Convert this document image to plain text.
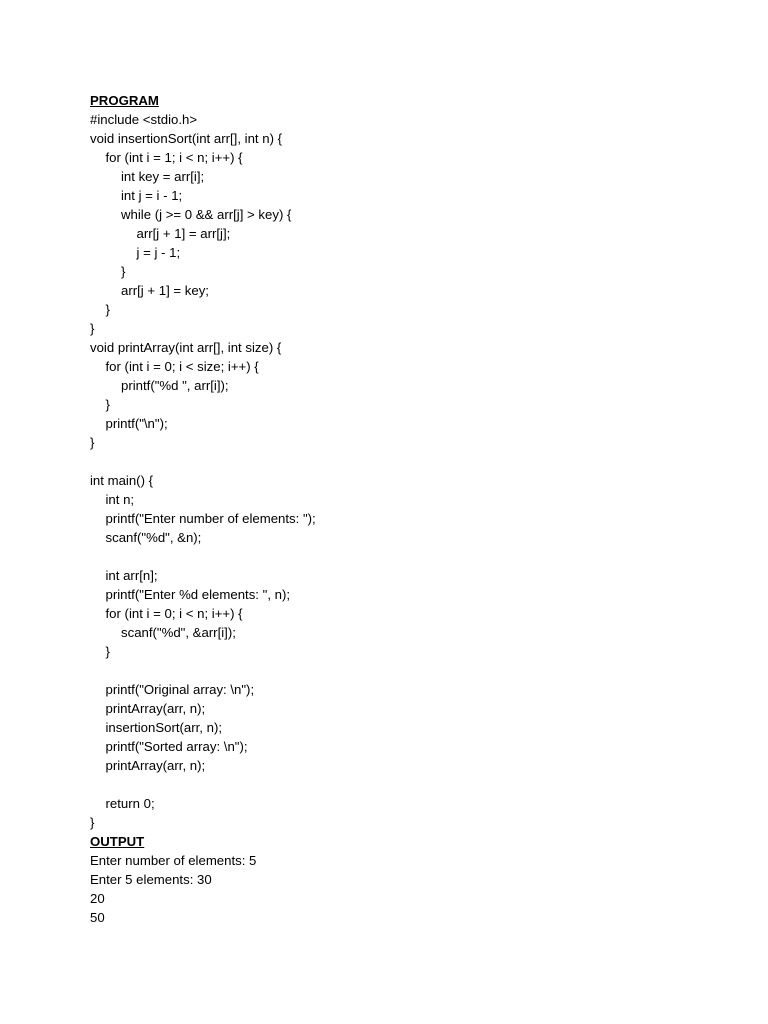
PROGRAM
#include <stdio.h>
void insertionSort(int arr[], int n) {
for (int i = 1; i < n; i++) {
int key = arr[i];
int j = i - 1;
while (j >= 0 && arr[j] > key) {
arr[j + 1] = arr[j];
j = j - 1;
}
arr[j + 1] = key;
}
}
void printArray(int arr[], int size) {
for (int i = 0; i < size; i++) {
printf("%d ", arr[i]);
}
printf("\n");
}
int main() {
int n;
printf("Enter number of elements: ");
scanf("%d", &n);
int arr[n];
printf("Enter %d elements: ", n);
for (int i = 0; i < n; i++) {
scanf("%d", &arr[i]);
}
printf("Original array: \n");
printArray(arr, n);
insertionSort(arr, n);
printf("Sorted array: \n");
printArray(arr, n);
return 0;
}
OUTPUT
Enter number of elements: 5
Enter 5 elements: 30
20
50
